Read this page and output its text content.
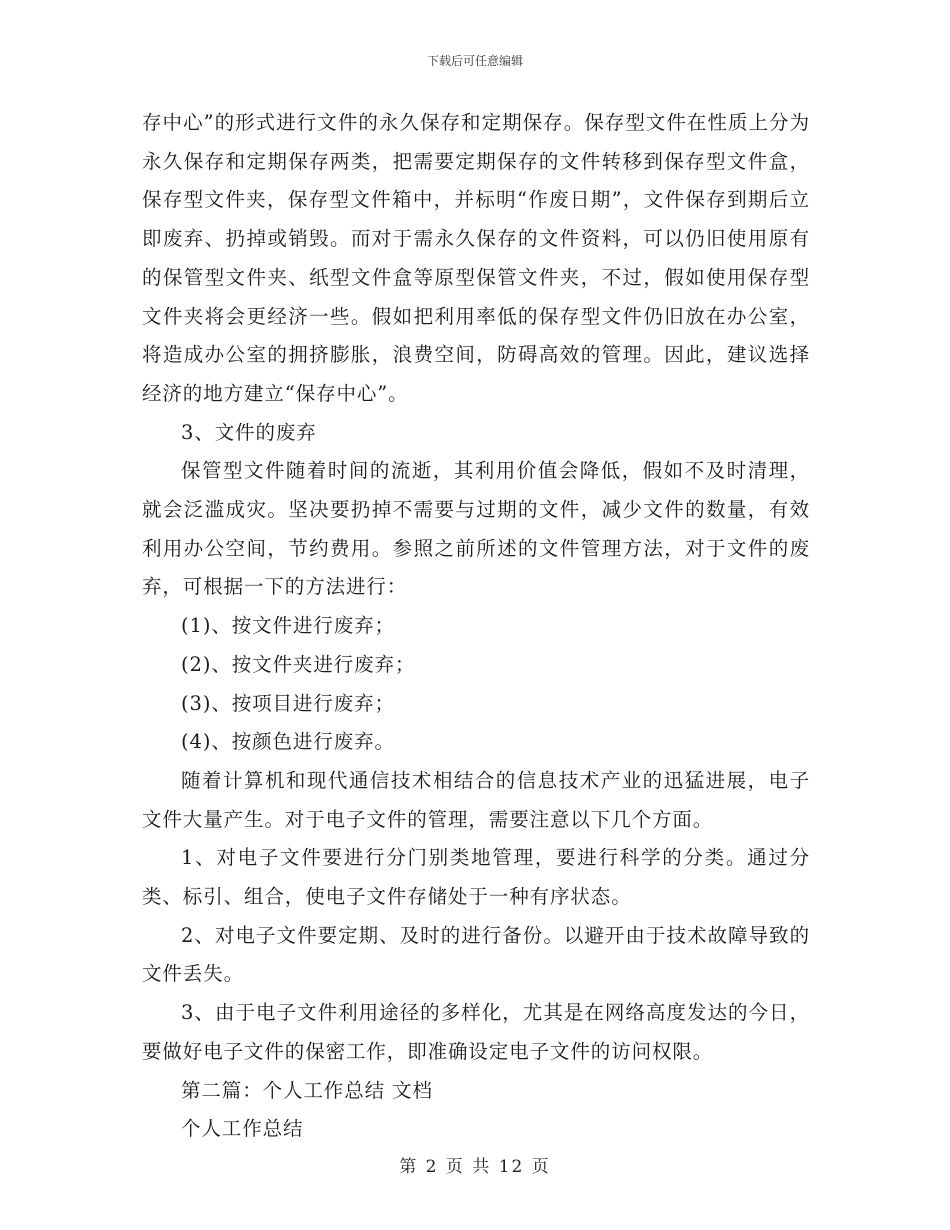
下载后可任意编辑

存中心”的形式进行文件的永久保存和定期保存。保存型文件在性质上分为永久保存和定期保存两类，把需要定期保存的文件转移到保存型文件盒，保存型文件夹，保存型文件箱中，并标明“作废日期”，文件保存到期后立即废弃、扔掉或销毁。而对于需永久保存的文件资料，可以仍旧使用原有的保管型文件夹、纸型文件盒等原型保管文件夹，不过，假如使用保存型文件夹将会更经济一些。假如把利用率低的保存型文件仍旧放在办公室，将造成办公室的拥挤膨胀，浪费空间，防碍高效的管理。因此，建议选择经济的地方建立“保存中心”。

3、文件的废弃

保管型文件随着时间的流逝，其利用价值会降低，假如不及时清理，就会泛滥成灾。坚决要扔掉不需要与过期的文件，减少文件的数量，有效利用办公空间，节约费用。参照之前所述的文件管理方法，对于文件的废弃，可根据一下的方法进行：

(1)、按文件进行废弃；

(2)、按文件夹进行废弃；

(3)、按项目进行废弃；

(4)、按颜色进行废弃。

随着计算机和现代通信技术相结合的信息技术产业的迅猛进展，电子文件大量产生。对于电子文件的管理，需要注意以下几个方面。

1、对电子文件要进行分门别类地管理，要进行科学的分类。通过分类、标引、组合，使电子文件存储处于一种有序状态。

2、对电子文件要定期、及时的进行备份。以避开由于技术故障导致的文件丢失。

3、由于电子文件利用途径的多样化，尤其是在网络高度发达的今日，要做好电子文件的保密工作，即准确设定电子文件的访问权限。

第二篇：个人工作总结 文档

个人工作总结

第 2 页 共 12 页
